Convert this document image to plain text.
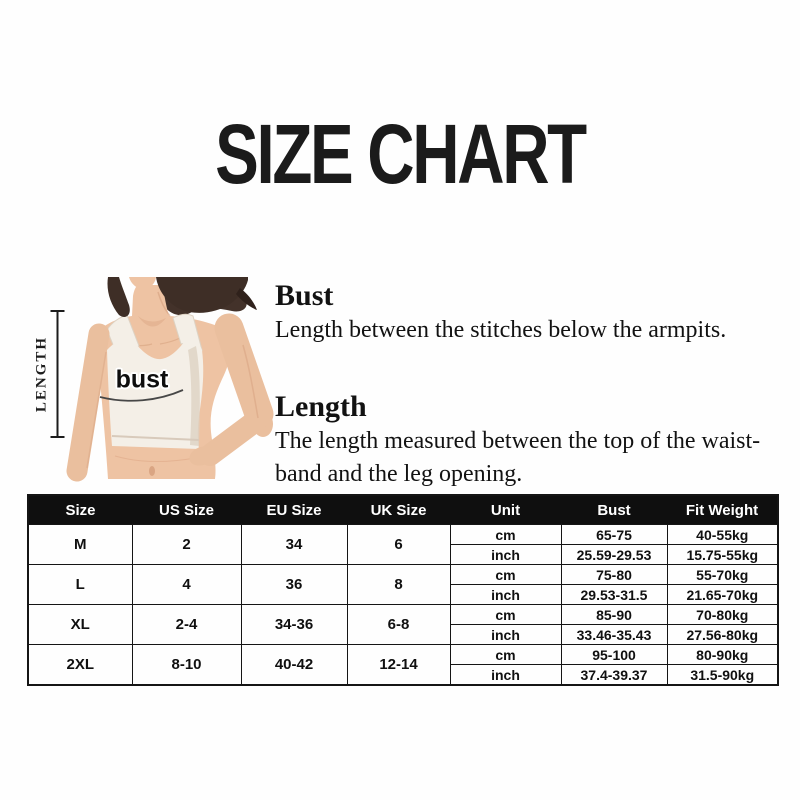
SIZE CHART
LENGTH	bust
Bust

Length between the stitches below the armpits.

Length

The length measured between the top of the waist-

band and the leg opening.

Size	US Size	EU Size	UK Size	Unit	Bust	Fit Weight
M	2	34	6	cm	65-75	40-55kg
				inch	25.59-29.53	15.75-55kg
L	4	36	8	cm	75-80	55-70kg
				inch	29.53-31.5	21.65-70kg
XL	2-4	34-36	6-8	cm	85-90	70-80kg
				inch	33.46-35.43	27.56-80kg
2XL	8-10	40-42	12-14	cm	95-100	80-90kg
				inch	37.4-39.37	31.5-90kg
